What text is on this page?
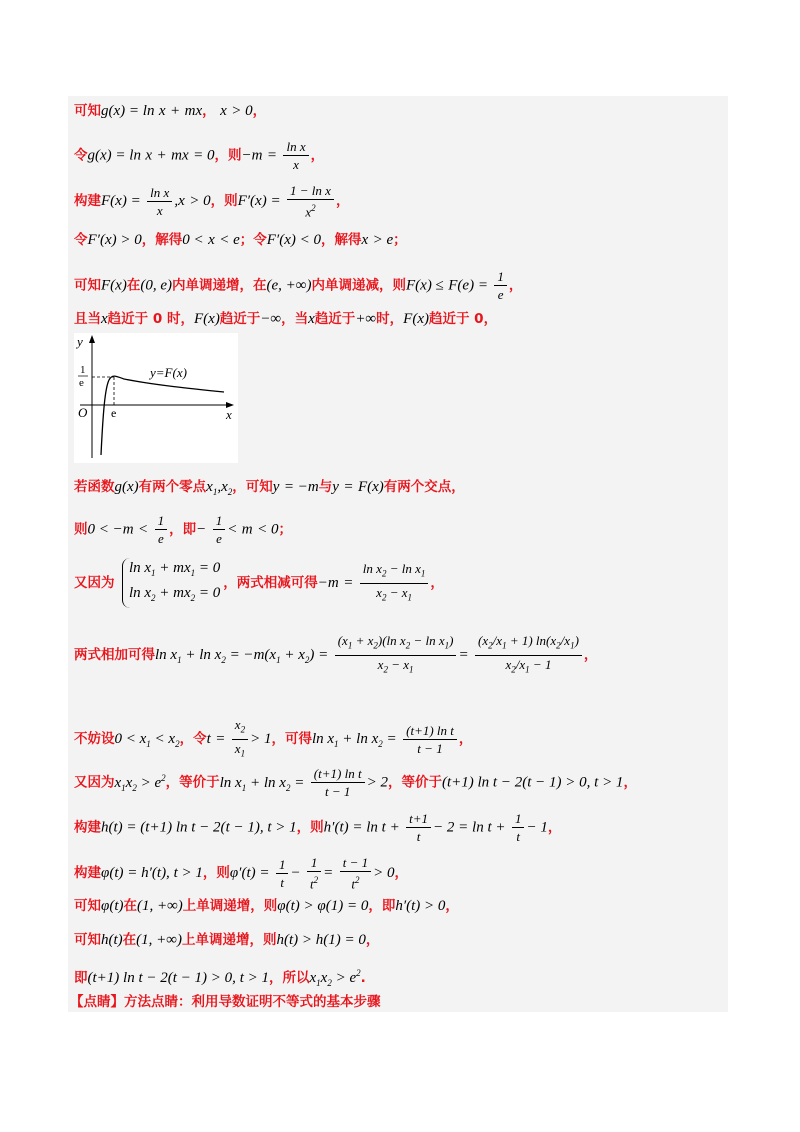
可知g(x) = ln x + mx， x > 0，
令g(x) = ln x + mx = 0，则$-m = \frac{\text{ln x}}{x}$ ，
构建$F(x) = \frac{\text{ln x}}{x} ,x > 0$，则$F'(x) = \frac{\text{1 − ln x}}{x^2}$ ，
令F′(x) > 0，解得0 < x < e；令F′(x) < 0，解得x > e；
可知F(x)在(0, e)内单调递增，在(e, +∞)内单调递减，则$F(x) \le F(e) = \frac{1}{e}$ ，
且当x趋近于 0 时，F(x)趋近于−∞，当x趋近于+∞时，F(x)趋近于 0，
y
x
O
1
e
e
y=F(x)
若函数g(x)有两个零点$x_1,x_2$，可知y = −m与y = F(x)有两个交点，
则$0 < -m < \frac{1}{e}$ ，即− $\frac{1}{e} < m < 0$；
又因为
$\ln x_1 + mx_1 = 0$
$\ln x_2 + mx_2 = 0$
，两式相减可得$-m = \frac{\ln x_2 - \ln x_1}{x_2 - x_1}$ ，
两式相加可得$\ln x_1 + \ln x_2 = -m(x_1 + x_2) = \frac{(x_1 + x_2)(\ln x_2 - \ln x_1)}{x_2 - x_1} = \frac{(x_2/x_1 + 1) \ln(x_2/x_1)}{x_2/x_1 - 1}$ ，
不妨设$0 < x_1 < x_2$，令$t = \frac{x_2}{x_1} > 1$，可得$\ln x_1 + \ln x_2 = \frac{\text{(t+1) ln t}}{t - 1}$ ，
又因为$x_1x_2 > e^2$，等价于$\ln x_1 + \ln x_2 = \frac{\text{(t+1) ln t}}{t - 1} > 2$，等价于(t+1) ln t − 2(t − 1) > 0, t > 1，
构建h(t) = (t+1) ln t − 2(t − 1), t > 1，则$h'(t) = \ln t + \frac{t+1}{t} - 2 = \ln t + \frac{1}{t} - 1$，
构建φ(t) = h′(t), t > 1，则$\varphi'(t) = \frac{1}{t} - \frac{1}{t^2} = \frac{t - 1}{t^2} > 0$，
可知φ(t)在(1, +∞)上单调递增，则φ(t) > φ(1) = 0，即h′(t) > 0，
可知h(t)在(1, +∞)上单调递增，则h(t) > h(1) = 0，
即(t+1) ln t − 2(t − 1) > 0, t > 1，所以$x_1x_2 > e^2$.
【点睛】方法点睛：利用导数证明不等式的基本步骤
